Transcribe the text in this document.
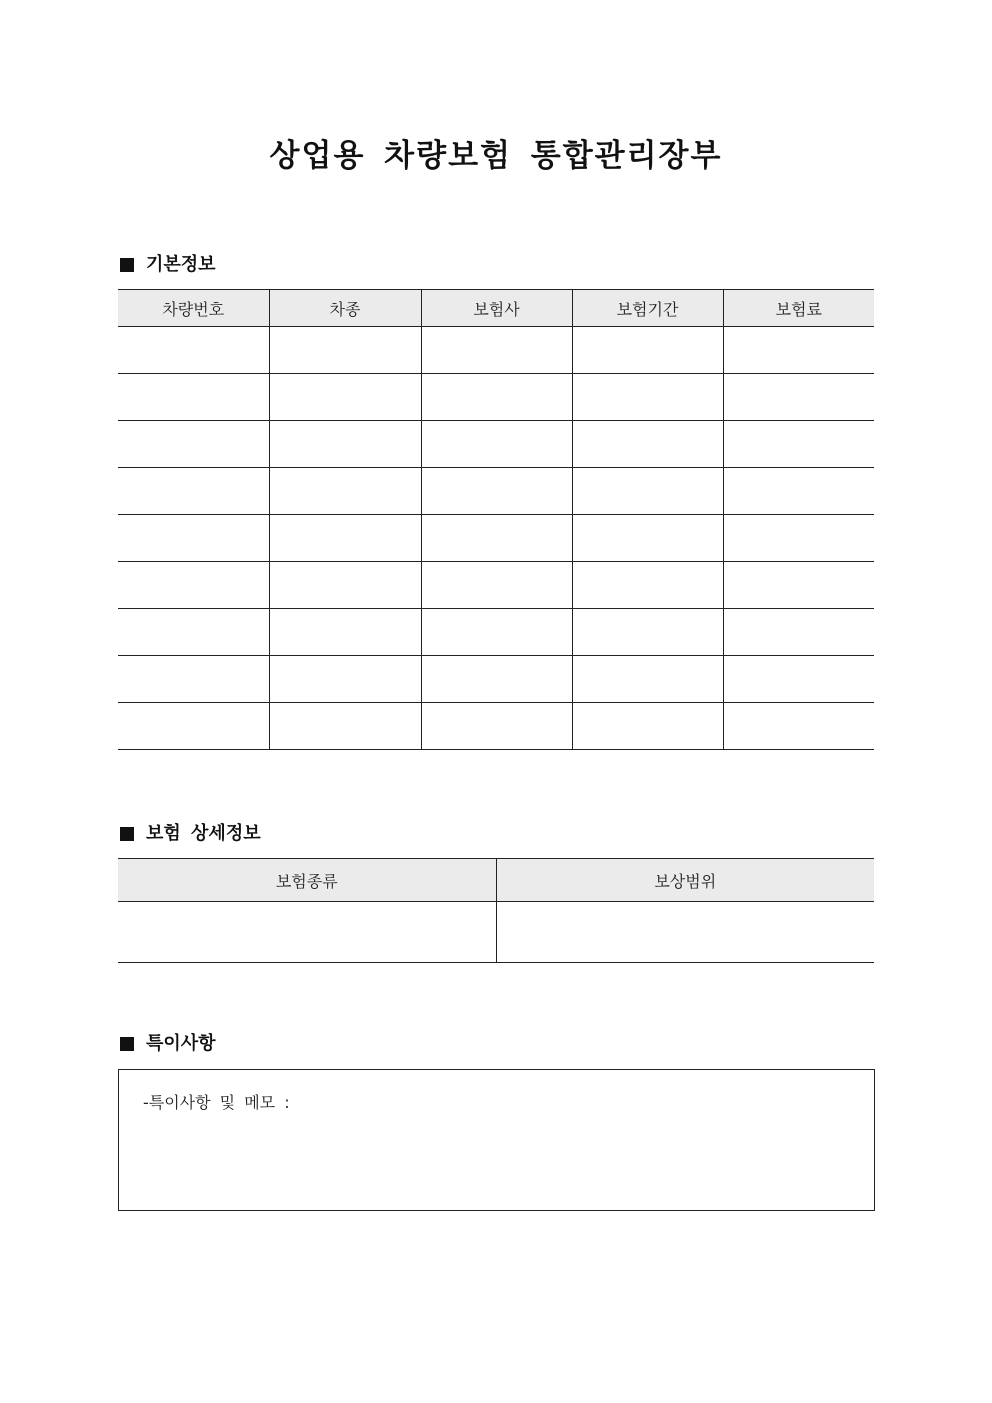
상업용 차량보험 통합관리장부
기본정보
차량번호	차종	보험사	보험기간	보험료

보험 상세정보
보험종류	보상범위

특이사항
-특이사항 및 메모 :
